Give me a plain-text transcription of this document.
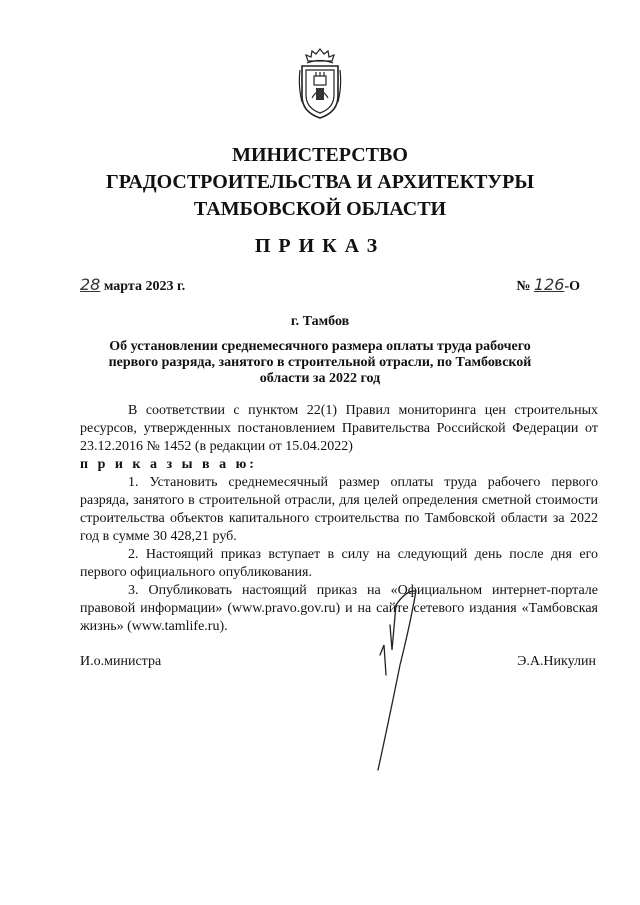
МИНИСТЕРСТВО
ГРАДОСТРОИТЕЛЬСТВА И АРХИТЕКТУРЫ
ТАМБОВСКОЙ ОБЛАСТИ
ПРИКАЗ
28 марта 2023 г.	№ 126-О
г. Тамбов
Об установлении среднемесячного размера оплаты труда рабочего первого разряда, занятого в строительной отрасли, по Тамбовской области за 2022 год

В соответствии с пунктом 22(1) Правил мониторинга цен строительных ресурсов, утвержденных постановлением Правительства Российской Федерации от 23.12.2016 № 1452 (в редакции от 15.04.2022)

п р и к а з ы в а ю:

1. Установить среднемесячный размер оплаты труда рабочего первого разряда, занятого в строительной отрасли, для целей определения сметной стоимости строительства объектов капитального строительства по Тамбовской области за 2022 год в сумме 30 428,21 руб.

2. Настоящий приказ вступает в силу на следующий день после дня его первого официального опубликования.

3. Опубликовать настоящий приказ на «Официальном интернет-портале правовой информации» (www.pravo.gov.ru) и на сайте сетевого издания «Тамбовская жизнь» (www.tamlife.ru).

И.о.министра	Э.А.Никулин
